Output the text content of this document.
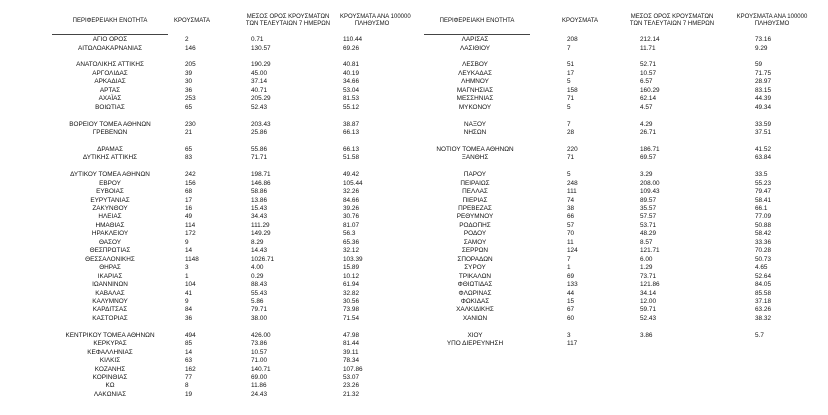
ΠΕΡΙΦΕΡΕΙΑΚΗ ΕΝΟΤΗΤΑ	ΚΡΟΥΣΜΑΤΑ
ΜΕΣΟΣ ΟΡΟΣ ΚΡΟΥΣΜΑΤΩΝ
ΤΩΝ ΤΕΛΕΥΤΑΙΩΝ 7 ΗΜΕΡΩΝ
ΚΡΟΥΣΜΑΤΑ ΑΝΑ 100000
ΠΛΗΘΥΣΜΟ
ΑΓΙΟ ΟΡΟΣ	2	0.71	110.44
ΑΙΤΩΛΟΑΚΑΡΝΑΝΙΑΣ	146	130.57	69.26
ΑΝΑΤΟΛΙΚΗΣ ΑΤΤΙΚΗΣ	205	190.29	40.81
ΑΡΓΟΛΙΔΑΣ	39	45.00	40.19
ΑΡΚΑΔΙΑΣ	30	37.14	34.66
ΑΡΤΑΣ	36	40.71	53.04
ΑΧΑΪΑΣ	253	205.29	81.53
ΒΟΙΩΤΙΑΣ	65	52.43	55.12
ΒΟΡΕΙΟΥ ΤΟΜΕΑ ΑΘΗΝΩΝ	230	203.43	38.87
ΓΡΕΒΕΝΩΝ	21	25.86	66.13
ΔΡΑΜΑΣ	65	55.86	66.13
ΔΥΤΙΚΗΣ ΑΤΤΙΚΗΣ	83	71.71	51.58
ΔΥΤΙΚΟΥ ΤΟΜΕΑ ΑΘΗΝΩΝ	242	198.71	49.42
ΕΒΡΟΥ	156	146.86	105.44
ΕΥΒΟΙΑΣ	68	58.86	32.26
ΕΥΡΥΤΑΝΙΑΣ	17	13.86	84.66
ΖΑΚΥΝΘΟΥ	16	15.43	39.26
ΗΛΕΙΑΣ	49	34.43	30.76
ΗΜΑΘΙΑΣ	114	111.29	81.07
ΗΡΑΚΛΕΙΟΥ	172	149.29	56.3
ΘΑΣΟΥ	9	8.29	65.36
ΘΕΣΠΡΩΤΙΑΣ	14	14.43	32.12
ΘΕΣΣΑΛΟΝΙΚΗΣ	1148	1026.71	103.39
ΘΗΡΑΣ	3	4.00	15.89
ΙΚΑΡΙΑΣ	1	0.29	10.12
ΙΩΑΝΝΙΝΩΝ	104	88.43	61.94
ΚΑΒΑΛΑΣ	41	55.43	32.82
ΚΑΛΥΜΝΟΥ	9	5.86	30.56
ΚΑΡΔΙΤΣΑΣ	84	79.71	73.98
ΚΑΣΤΟΡΙΑΣ	36	38.00	71.54
ΚΕΝΤΡΙΚΟΥ ΤΟΜΕΑ ΑΘΗΝΩΝ	494	426.00	47.98
ΚΕΡΚΥΡΑΣ	85	73.86	81.44
ΚΕΦΑΛΛΗΝΙΑΣ	14	10.57	39.11
ΚΙΛΚΙΣ	63	71.00	78.34
ΚΟΖΑΝΗΣ	162	140.71	107.86
ΚΟΡΙΝΘΙΑΣ	77	69.00	53.07
ΚΩ	8	11.86	23.26
ΛΑΚΩΝΙΑΣ	19	24.43	21.32
ΠΕΡΙΦΕΡΕΙΑΚΗ ΕΝΟΤΗΤΑ	ΚΡΟΥΣΜΑΤΑ
ΜΕΣΟΣ ΟΡΟΣ ΚΡΟΥΣΜΑΤΩΝ
ΤΩΝ ΤΕΛΕΥΤΑΙΩΝ 7 ΗΜΕΡΩΝ
ΚΡΟΥΣΜΑΤΑ ΑΝΑ 100000
ΠΛΗΘΥΣΜΟ
ΛΑΡΙΣΑΣ	208	212.14	73.16
ΛΑΣΙΘΙΟΥ	7	11.71	9.29
ΛΕΣΒΟΥ	51	52.71	59
ΛΕΥΚΑΔΑΣ	17	10.57	71.75
ΛΗΜΝΟΥ	5	6.57	28.97
ΜΑΓΝΗΣΙΑΣ	158	160.29	83.15
ΜΕΣΣΗΝΙΑΣ	71	62.14	44.39
ΜΥΚΟΝΟΥ	5	4.57	49.34
ΝΑΞΟΥ	7	4.29	33.59
ΝΗΣΩΝ	28	26.71	37.51
ΝΟΤΙΟΥ ΤΟΜΕΑ ΑΘΗΝΩΝ	220	186.71	41.52
ΞΑΝΘΗΣ	71	69.57	63.84
ΠΑΡΟΥ	5	3.29	33.5
ΠΕΙΡΑΙΩΣ	248	208.00	55.23
ΠΕΛΛΑΣ	111	109.43	79.47
ΠΙΕΡΙΑΣ	74	89.57	58.41
ΠΡΕΒΕΖΑΣ	38	35.57	66.1
ΡΕΘΥΜΝΟΥ	66	57.57	77.09
ΡΟΔΟΠΗΣ	57	53.71	50.88
ΡΟΔΟΥ	70	48.29	58.42
ΣΑΜΟΥ	11	8.57	33.36
ΣΕΡΡΩΝ	124	121.71	70.28
ΣΠΟΡΑΔΩΝ	7	6.00	50.73
ΣΥΡΟΥ	1	1.29	4.65
ΤΡΙΚΑΛΩΝ	69	73.71	52.64
ΦΘΙΩΤΙΔΑΣ	133	121.86	84.05
ΦΛΩΡΙΝΑΣ	44	34.14	85.58
ΦΩΚΙΔΑΣ	15	12.00	37.18
ΧΑΛΚΙΔΙΚΗΣ	67	59.71	63.26
ΧΑΝΙΩΝ	60	52.43	38.32
ΧΙΟΥ	3	3.86	5.7
ΥΠΟ ΔΙΕΡΕΥΝΗΣΗ	117
